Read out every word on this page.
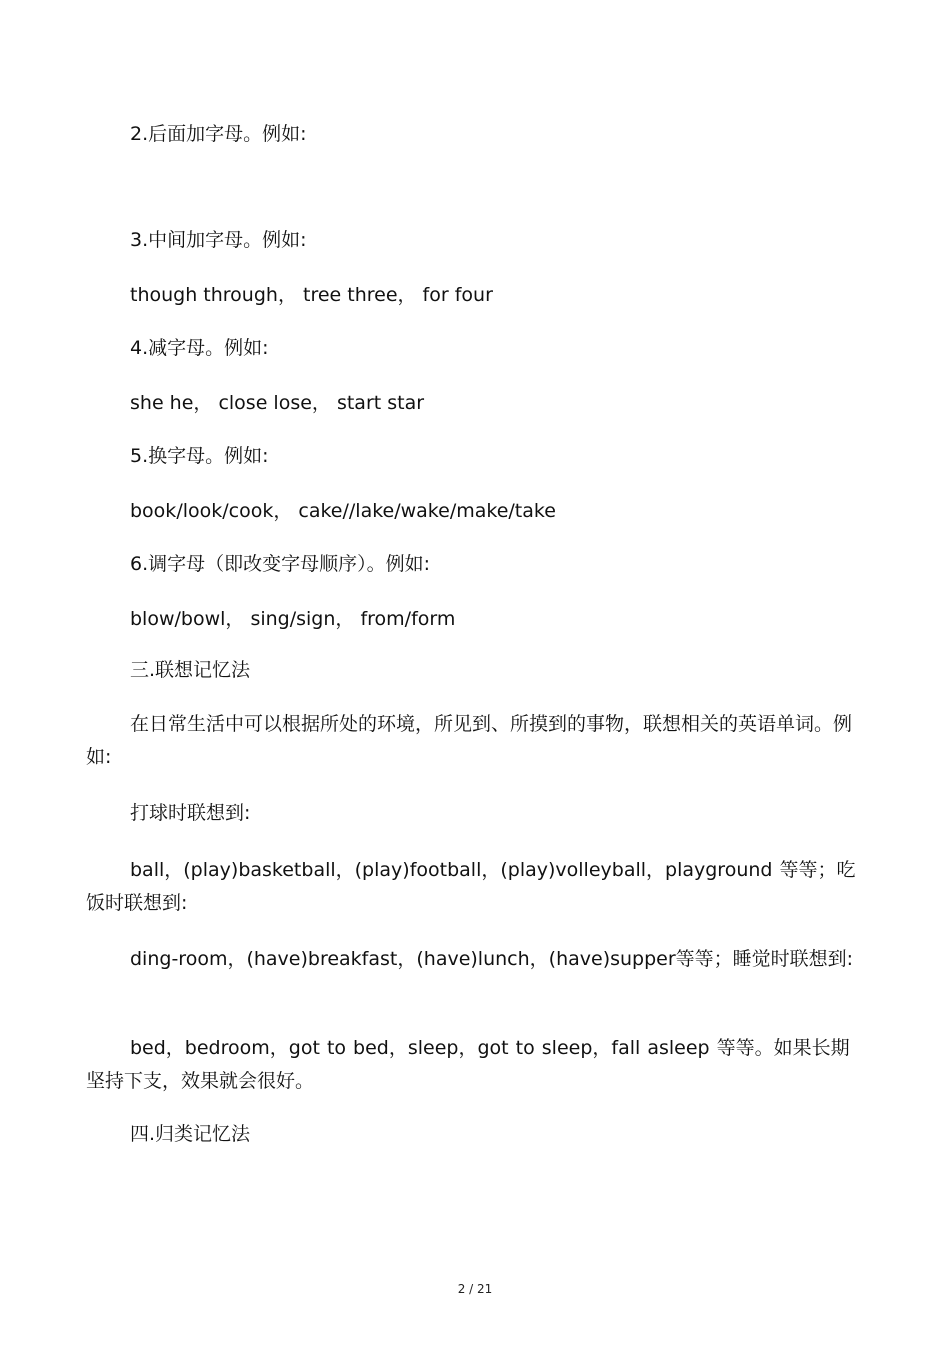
2.后面加字母。例如:
3.中间加字母。例如:
though through， tree three， for four
4.减字母。例如:
she he， close lose， start star
5.换字母。例如:
book/look/cook， cake//lake/wake/make/take
6.调字母（即改变字母顺序）。例如:
blow/bowl， sing/sign， from/form
三.联想记忆法
在日常生活中可以根据所处的环境，所见到、所摸到的事物，联想相关的英语单词。例如:
打球时联想到:
ball，(play)basketball，(play)football，(play)volleyball，playground 等等；吃饭时联想到:
ding-room，(have)breakfast，(have)lunch，(have)supper等等；睡觉时联想到:
bed，bedroom，got to bed，sleep，got to sleep，fall asleep 等等。如果长期坚持下支，效果就会很好。
四.归类记忆法
2 / 21
